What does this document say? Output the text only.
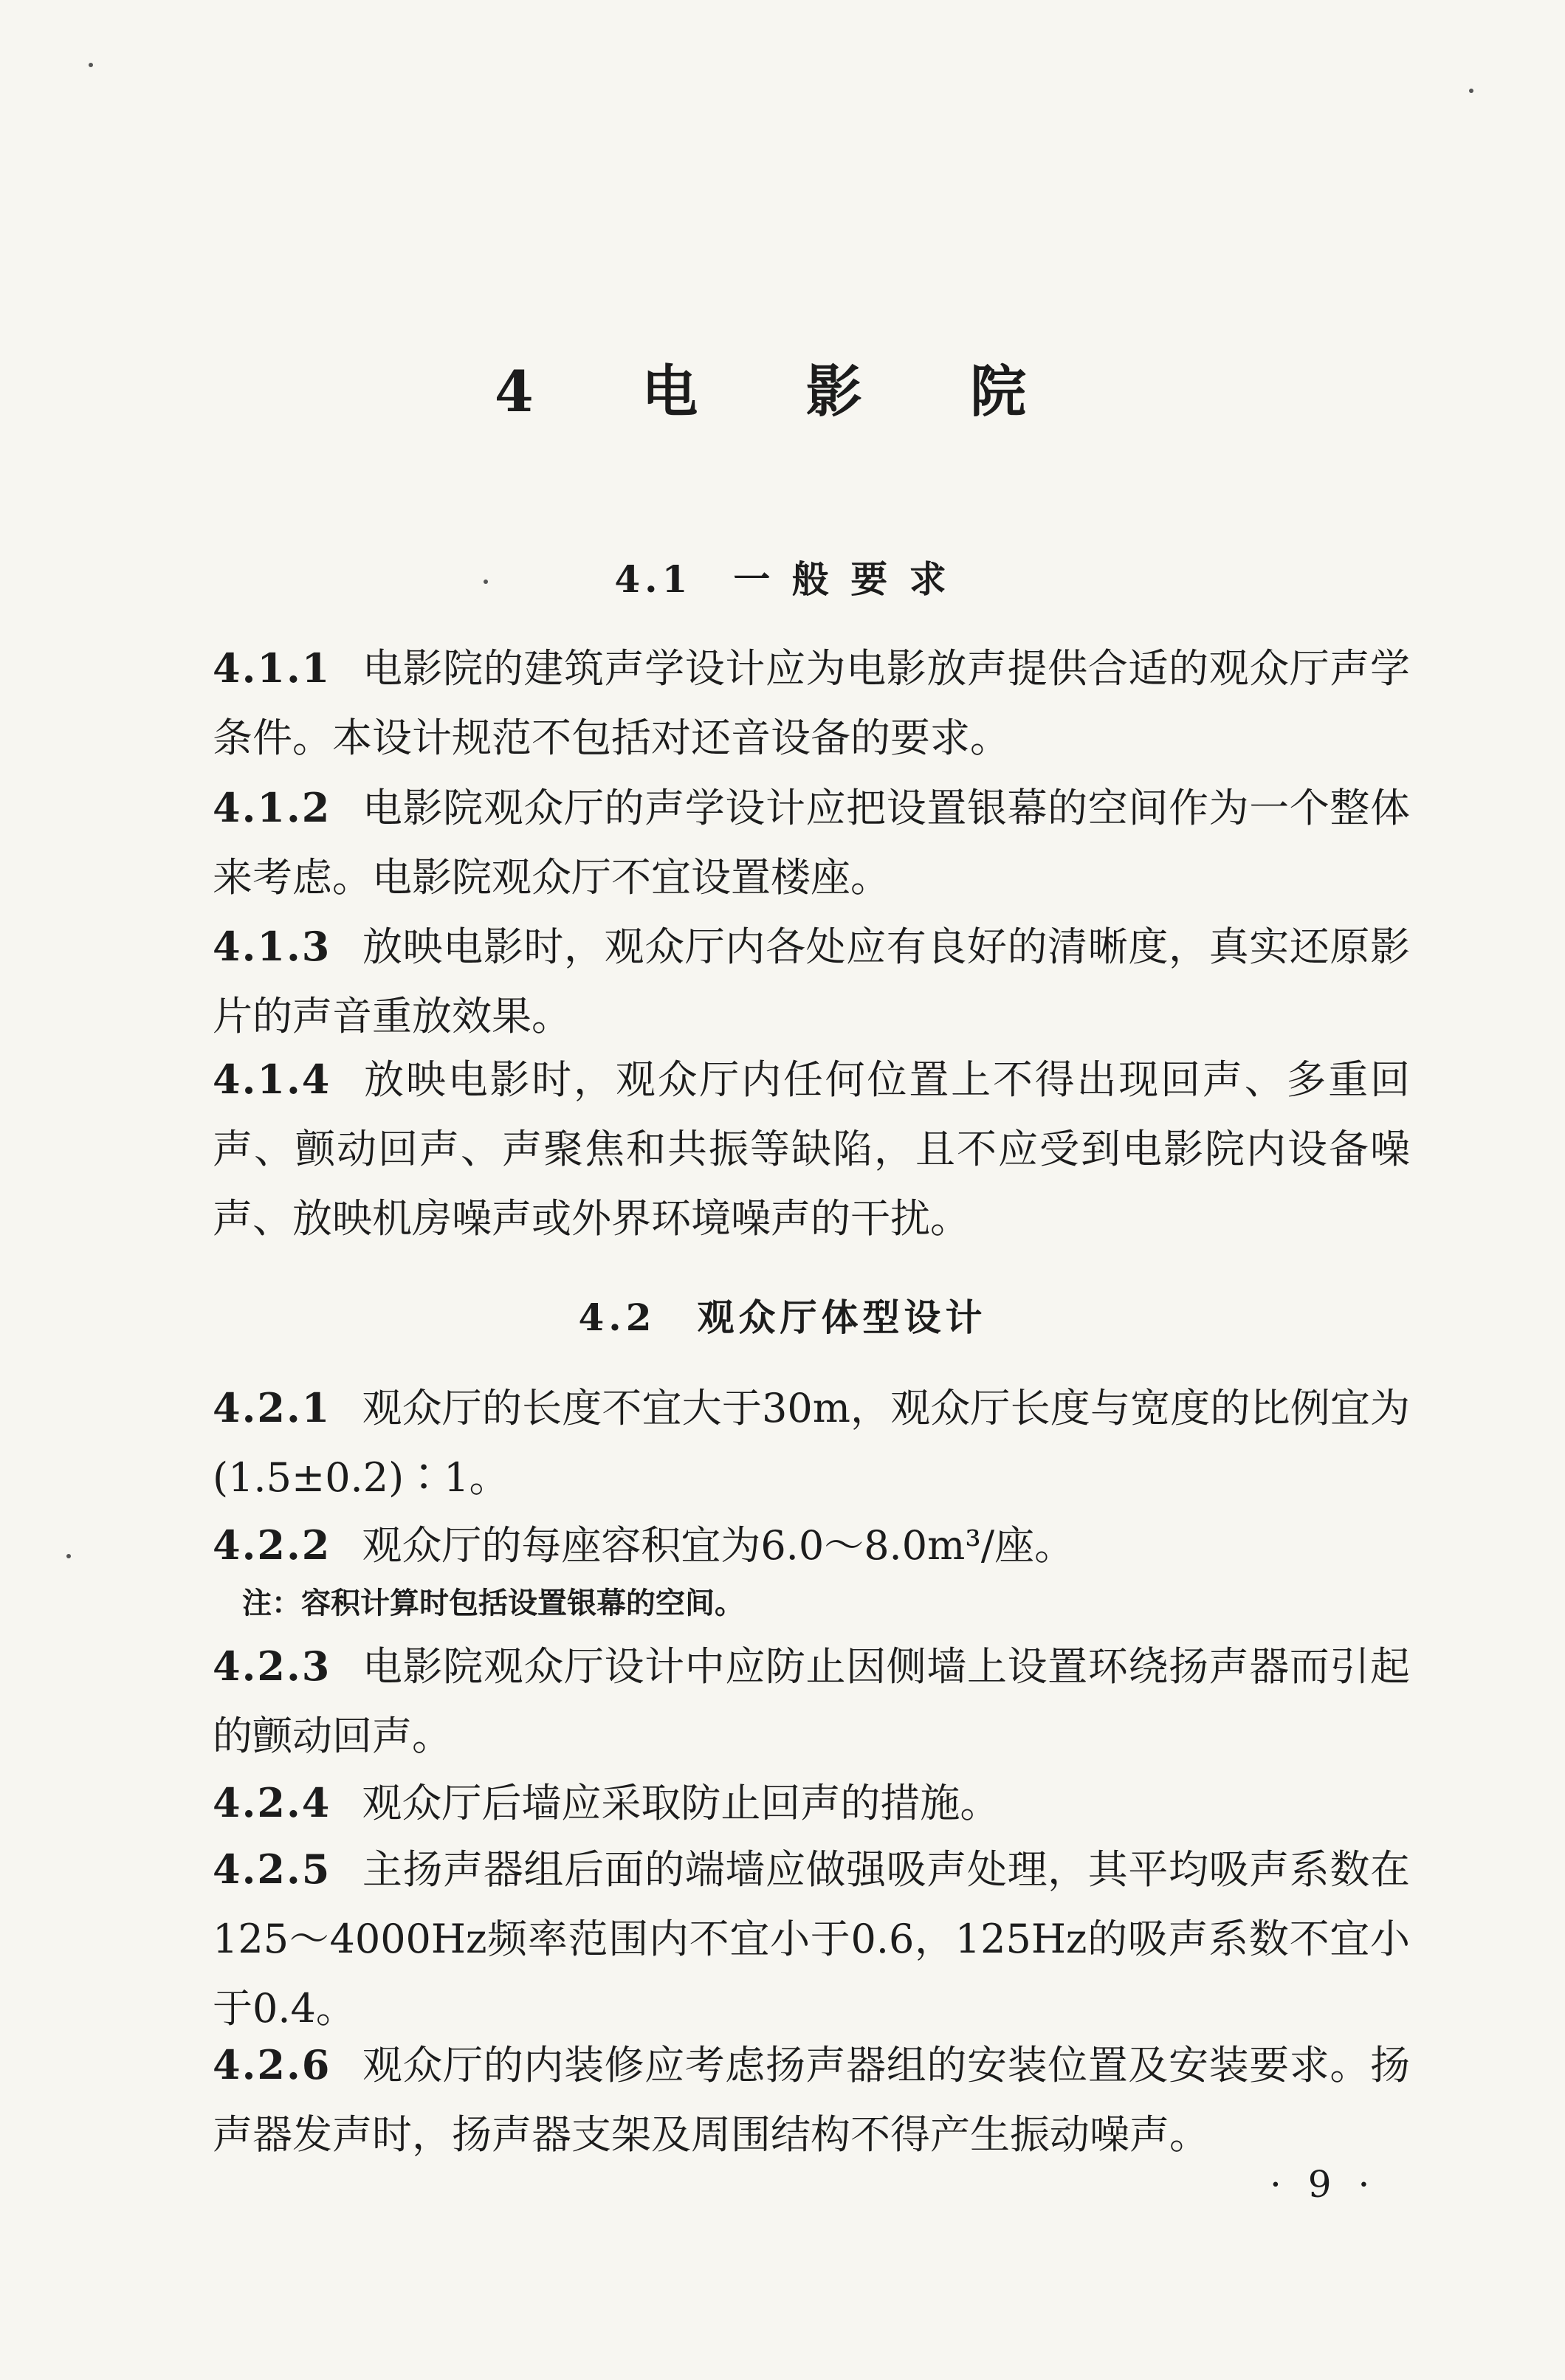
4 电 影 院
4.1　一 般 要 求
4.1.1 电影院的建筑声学设计应为电影放声提供合适的观众厅声学条件。本设计规范不包括对还音设备的要求。
4.1.2 电影院观众厅的声学设计应把设置银幕的空间作为一个整体来考虑。电影院观众厅不宜设置楼座。
4.1.3 放映电影时，观众厅内各处应有良好的清晰度，真实还原影片的声音重放效果。
4.1.4 放映电影时，观众厅内任何位置上不得出现回声、多重回声、颤动回声、声聚焦和共振等缺陷，且不应受到电影院内设备噪声、放映机房噪声或外界环境噪声的干扰。
4.2　观众厅体型设计
4.2.1 观众厅的长度不宜大于30m，观众厅长度与宽度的比例宜为(1.5±0.2)∶1。
4.2.2 观众厅的每座容积宜为6.0～8.0m³/座。
注：容积计算时包括设置银幕的空间。
4.2.3 电影院观众厅设计中应防止因侧墙上设置环绕扬声器而引起的颤动回声。
4.2.4 观众厅后墙应采取防止回声的措施。
4.2.5 主扬声器组后面的端墙应做强吸声处理，其平均吸声系数在125～4000Hz频率范围内不宜小于0.6，125Hz的吸声系数不宜小于0.4。
4.2.6 观众厅的内装修应考虑扬声器组的安装位置及安装要求。扬声器发声时，扬声器支架及周围结构不得产生振动噪声。
· 9 ·
